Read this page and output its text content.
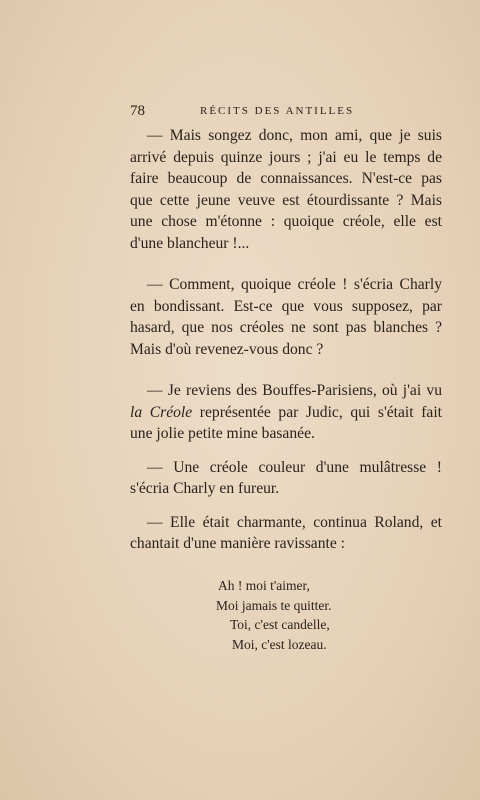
78	RÉCITS DES ANTILLES

— Mais songez donc, mon ami, que je suis arrivé depuis quinze jours ; j'ai eu le temps de faire beaucoup de connaissances. N'est-ce pas que cette jeune veuve est étourdissante ? Mais une chose m'étonne : quoique créole, elle est d'une blancheur !...

— Comment, quoique créole ! s'écria Charly en bondissant. Est-ce que vous supposez, par hasard, que nos créoles ne sont pas blanches ? Mais d'où revenez-vous donc ?

— Je reviens des Bouffes-Parisiens, où j'ai vu la Créole représentée par Judic, qui s'était fait une jolie petite mine basanée.

— Une créole couleur d'une mulâtresse ! s'écria Charly en fureur.

— Elle était charmante, continua Roland, et chantait d'une manière ravissante :

Ah ! moi t'aimer,
Moi jamais te quitter.
Toi, c'est candelle,
Moi, c'est lozeau.
